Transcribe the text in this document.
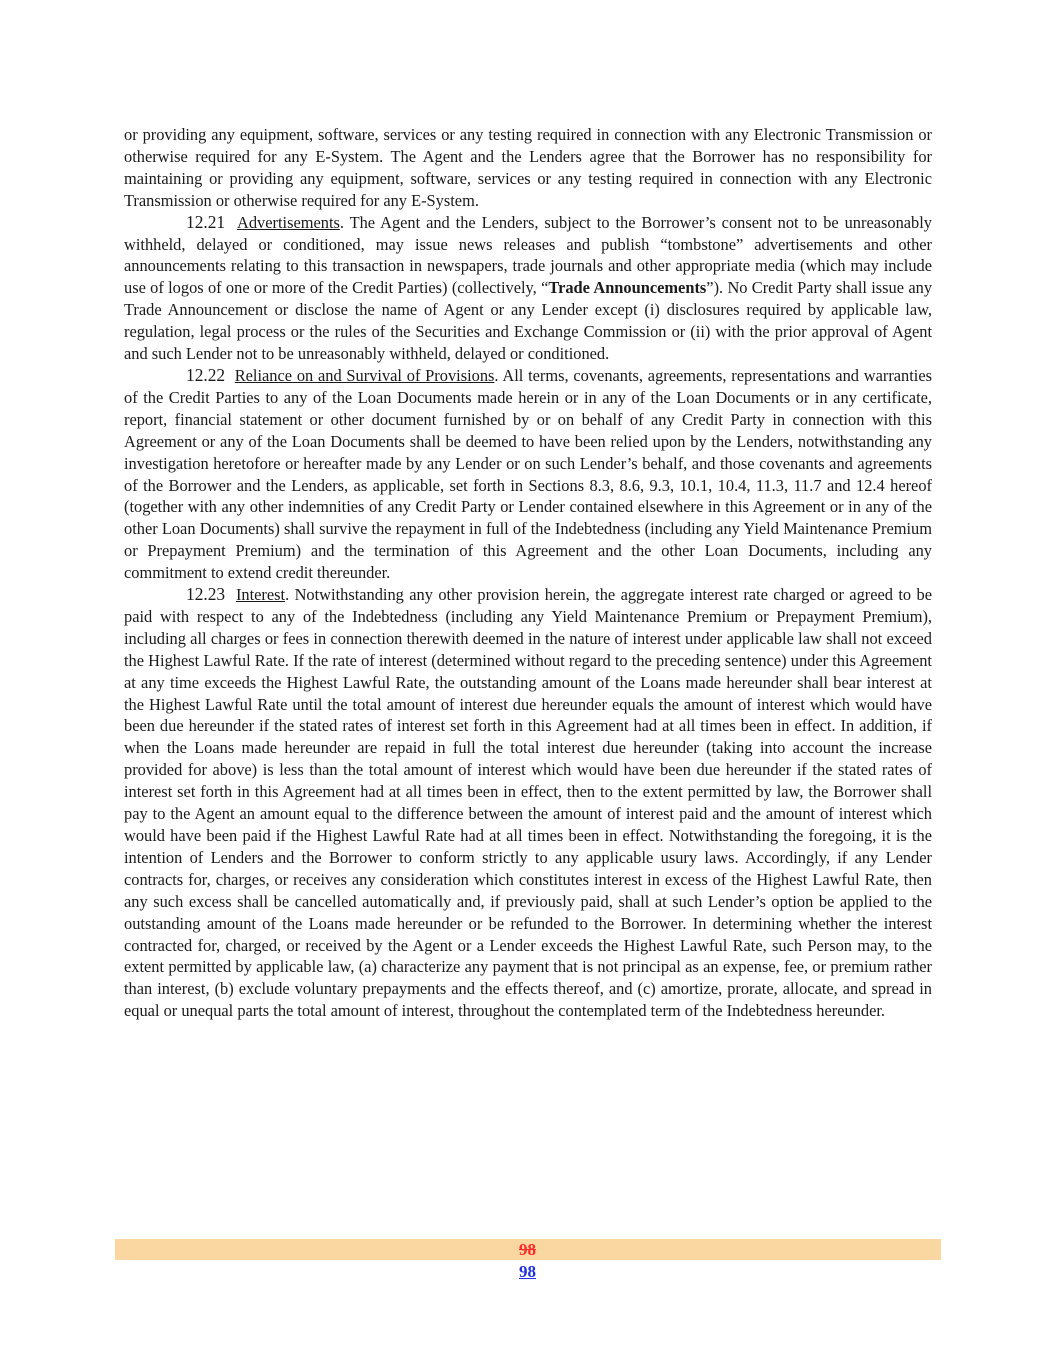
or providing any equipment, software, services or any testing required in connection with any Electronic Transmission or otherwise required for any E-System. The Agent and the Lenders agree that the Borrower has no responsibility for maintaining or providing any equipment, software, services or any testing required in connection with any Electronic Transmission or otherwise required for any E-System.

12.21 Advertisements. The Agent and the Lenders, subject to the Borrower’s consent not to be unreasonably withheld, delayed or conditioned, may issue news releases and publish “tombstone” advertisements and other announcements relating to this transaction in newspapers, trade journals and other appropriate media (which may include use of logos of one or more of the Credit Parties) (collectively, “Trade Announcements”). No Credit Party shall issue any Trade Announcement or disclose the name of Agent or any Lender except (i) disclosures required by applicable law, regulation, legal process or the rules of the Securities and Exchange Commission or (ii) with the prior approval of Agent and such Lender not to be unreasonably withheld, delayed or conditioned.

12.22 Reliance on and Survival of Provisions. All terms, covenants, agreements, representations and warranties of the Credit Parties to any of the Loan Documents made herein or in any of the Loan Documents or in any certificate, report, financial statement or other document furnished by or on behalf of any Credit Party in connection with this Agreement or any of the Loan Documents shall be deemed to have been relied upon by the Lenders, notwithstanding any investigation heretofore or hereafter made by any Lender or on such Lender’s behalf, and those covenants and agreements of the Borrower and the Lenders, as applicable, set forth in Sections 8.3, 8.6, 9.3, 10.1, 10.4, 11.3, 11.7 and 12.4 hereof (together with any other indemnities of any Credit Party or Lender contained elsewhere in this Agreement or in any of the other Loan Documents) shall survive the repayment in full of the Indebtedness (including any Yield Maintenance Premium or Prepayment Premium) and the termination of this Agreement and the other Loan Documents, including any commitment to extend credit thereunder.

12.23 Interest. Notwithstanding any other provision herein, the aggregate interest rate charged or agreed to be paid with respect to any of the Indebtedness (including any Yield Maintenance Premium or Prepayment Premium), including all charges or fees in connection therewith deemed in the nature of interest under applicable law shall not exceed the Highest Lawful Rate. If the rate of interest (determined without regard to the preceding sentence) under this Agreement at any time exceeds the Highest Lawful Rate, the outstanding amount of the Loans made hereunder shall bear interest at the Highest Lawful Rate until the total amount of interest due hereunder equals the amount of interest which would have been due hereunder if the stated rates of interest set forth in this Agreement had at all times been in effect. In addition, if when the Loans made hereunder are repaid in full the total interest due hereunder (taking into account the increase provided for above) is less than the total amount of interest which would have been due hereunder if the stated rates of interest set forth in this Agreement had at all times been in effect, then to the extent permitted by law, the Borrower shall pay to the Agent an amount equal to the difference between the amount of interest paid and the amount of interest which would have been paid if the Highest Lawful Rate had at all times been in effect. Notwithstanding the foregoing, it is the intention of Lenders and the Borrower to conform strictly to any applicable usury laws. Accordingly, if any Lender contracts for, charges, or receives any consideration which constitutes interest in excess of the Highest Lawful Rate, then any such excess shall be cancelled automatically and, if previously paid, shall at such Lender’s option be applied to the outstanding amount of the Loans made hereunder or be refunded to the Borrower. In determining whether the interest contracted for, charged, or received by the Agent or a Lender exceeds the Highest Lawful Rate, such Person may, to the extent permitted by applicable law, (a) characterize any payment that is not principal as an expense, fee, or premium rather than interest, (b) exclude voluntary prepayments and the effects thereof, and (c) amortize, prorate, allocate, and spread in equal or unequal parts the total amount of interest, throughout the contemplated term of the Indebtedness hereunder.

98
98
